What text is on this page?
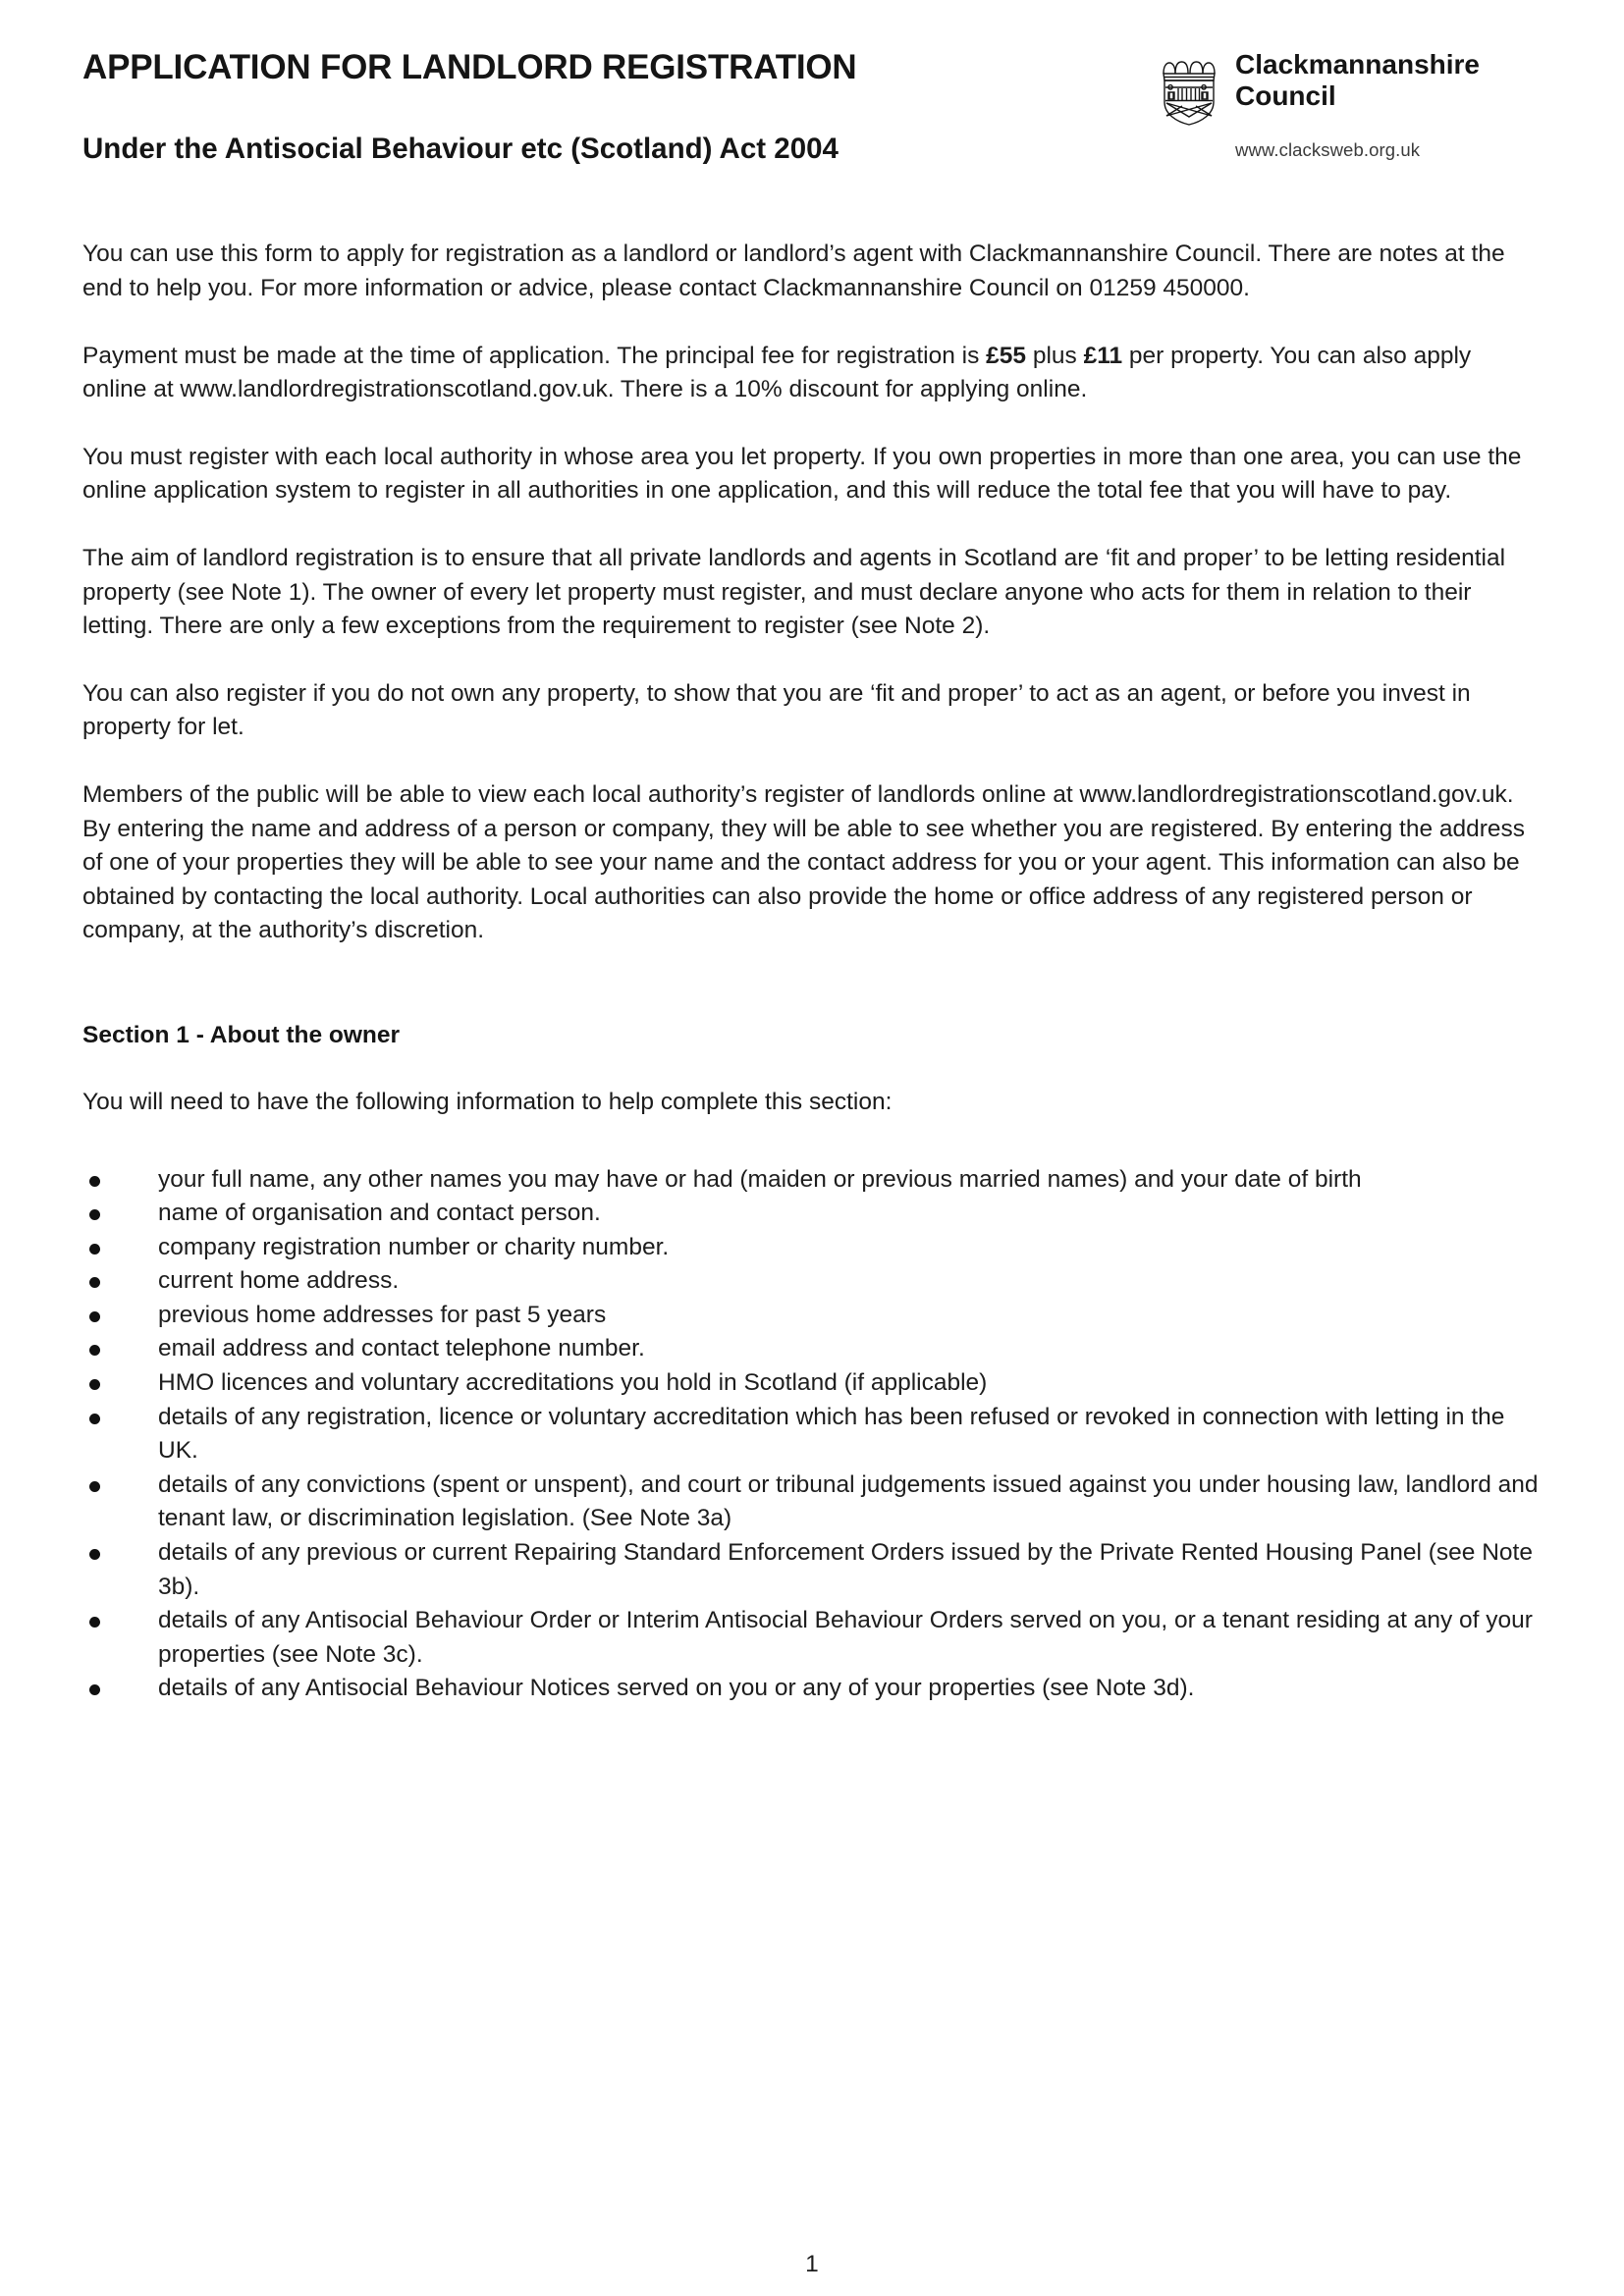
APPLICATION FOR LANDLORD REGISTRATION
Under the Antisocial Behaviour etc (Scotland) Act 2004
Clackmannanshire
Council
www.clacksweb.org.uk

You can use this form to apply for registration as a landlord or landlord’s agent with Clackmannanshire Council. There are notes at the end to help you. For more information or advice, please contact Clackmannanshire Council on 01259 450000.

Payment must be made at the time of application. The principal fee for registration is £55 plus £11 per property. You can also apply online at www.landlordregistrationscotland.gov.uk. There is a 10% discount for applying online.

You must register with each local authority in whose area you let property. If you own properties in more than one area, you can use the online application system to register in all authorities in one application, and this will reduce the total fee that you will have to pay.

The aim of landlord registration is to ensure that all private landlords and agents in Scotland are ‘fit and proper’ to be letting residential property (see Note 1). The owner of every let property must register, and must declare anyone who acts for them in relation to their letting. There are only a few exceptions from the requirement to register (see Note 2).

You can also register if you do not own any property, to show that you are ‘fit and proper’ to act as an agent, or before you invest in property for let.

Members of the public will be able to view each local authority’s register of landlords online at www.landlordregistrationscotland.gov.uk. By entering the name and address of a person or company, they will be able to see whether you are registered. By entering the address of one of your properties they will be able to see your name and the contact address for you or your agent. This information can also be obtained by contacting the local authority. Local authorities can also provide the home or office address of any registered person or company, at the authority’s discretion.

Section 1 - About the owner
You will need to have the following information to help complete this section:
your full name, any other names you may have or had (maiden or previous married names) and your date of birth
name of organisation and contact person.
company registration number or charity number.
current home address.
previous home addresses for past 5 years
email address and contact telephone number.
HMO licences and voluntary accreditations you hold in Scotland (if applicable)
details of any registration, licence or voluntary accreditation which has been refused or revoked in connection with letting in the UK.
details of any convictions (spent or unspent), and court or tribunal judgements issued against you under housing law, landlord and tenant law, or discrimination legislation. (See Note 3a)
details of any previous or current Repairing Standard Enforcement Orders issued by the Private Rented Housing Panel (see Note 3b).
details of any Antisocial Behaviour Order or Interim Antisocial Behaviour Orders served on you, or a tenant residing at any of your properties (see Note 3c).
details of any Antisocial Behaviour Notices served on you or any of your properties (see Note 3d).
1
